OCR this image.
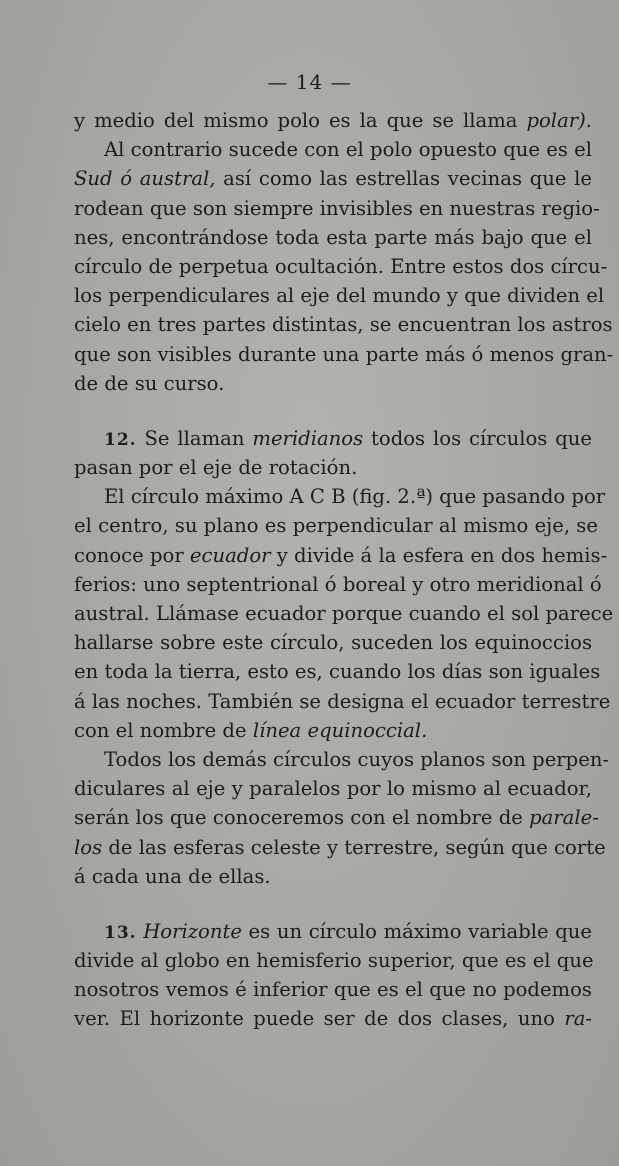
— 14 —
y medio del mismo polo es la que se llama polar).
Al contrario sucede con el polo opuesto que es el
Sud ó austral, así como las estrellas vecinas que le
rodean que son siempre invisibles en nuestras regio-
nes, encontrándose toda esta parte más bajo que el
círculo de perpetua ocultación. Entre estos dos círcu-
los perpendiculares al eje del mundo y que dividen el
cielo en tres partes distintas, se encuentran los astros
que son visibles durante una parte más ó menos gran-
de de su curso.
12. Se llaman meridianos todos los círculos que
pasan por el eje de rotación.
El círculo máximo A C B (fig. 2.ª) que pasando por
el centro, su plano es perpendicular al mismo eje, se
conoce por ecuador y divide á la esfera en dos hemis-
ferios: uno septentrional ó boreal y otro meridional ó
austral. Llámase ecuador porque cuando el sol parece
hallarse sobre este círculo, suceden los equinoccios
en toda la tierra, esto es, cuando los días son iguales
á las noches. También se designa el ecuador terrestre
con el nombre de línea equinoccial.
Todos los demás círculos cuyos planos son perpen-
diculares al eje y paralelos por lo mismo al ecuador,
serán los que conoceremos con el nombre de parale-
los de las esferas celeste y terrestre, según que corte
á cada una de ellas.
13. Horizonte es un círculo máximo variable que
divide al globo en hemisferio superior, que es el que
nosotros vemos é inferior que es el que no podemos
ver. El horizonte puede ser de dos clases, uno ra-
